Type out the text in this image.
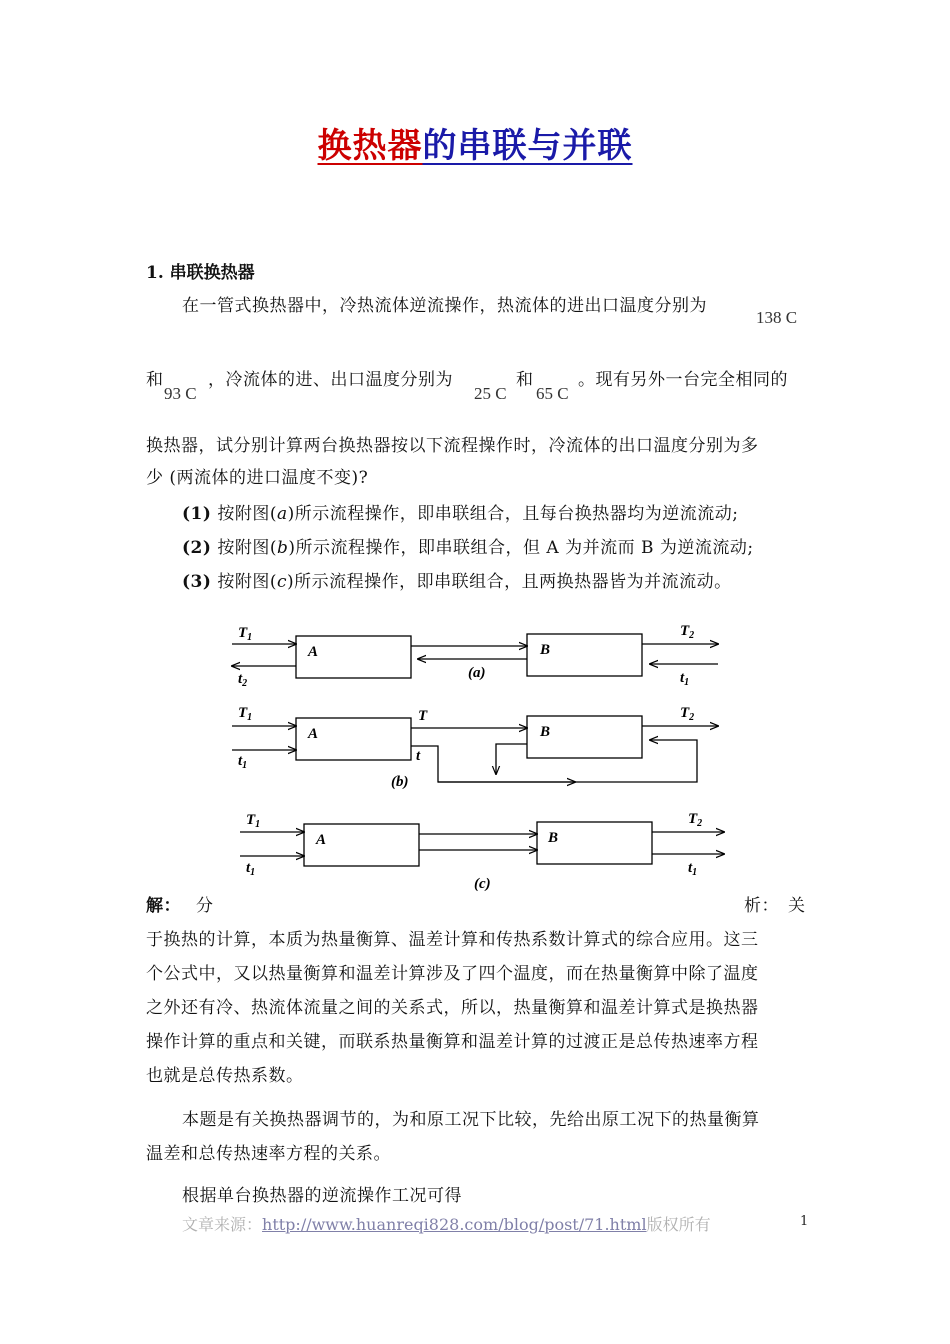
换热器的串联与并联
1. 串联换热器
在一管式换热器中，冷热流体逆流操作，热流体的进出口温度分别为
138 C
和
93 C
，冷流体的进、出口温度分别为
25 C
和
65 C
。现有另外一台完全相同的
换热器，试分别计算两台换热器按以下流程操作时，冷流体的出口温度分别为多
少 (两流体的进口温度不变)?
(1) 按附图(a)所示流程操作，即串联组合，且每台换热器均为逆流流动;
(2) 按附图(b)所示流程操作，即串联组合，但 A 为并流而 B 为逆流流动;
(3) 按附图(c)所示流程操作，即串联组合，且两换热器皆为并流流动。
$T_1$
$t_2$
A	B
(a)
$T_2$
$t_1$
$T_1$
$t_1$
A	B
T
t
(b)
$T_2$
$T_1$
$t_1$
A	B
(c)
$T_2$
$t_1$
解： 分	析： 关
于换热的计算，本质为热量衡算、温差计算和传热系数计算式的综合应用。这三
个公式中，又以热量衡算和温差计算涉及了四个温度，而在热量衡算中除了温度
之外还有冷、热流体流量之间的关系式，所以，热量衡算和温差计算式是换热器
操作计算的重点和关键，而联系热量衡算和温差计算的过渡正是总传热速率方程
也就是总传热系数。
本题是有关换热器调节的，为和原工况下比较，先给出原工况下的热量衡算
温差和总传热速率方程的关系。
根据单台换热器的逆流操作工况可得
文章来源：http://www.huanreqi828.com/blog/post/71.html版权所有	1
